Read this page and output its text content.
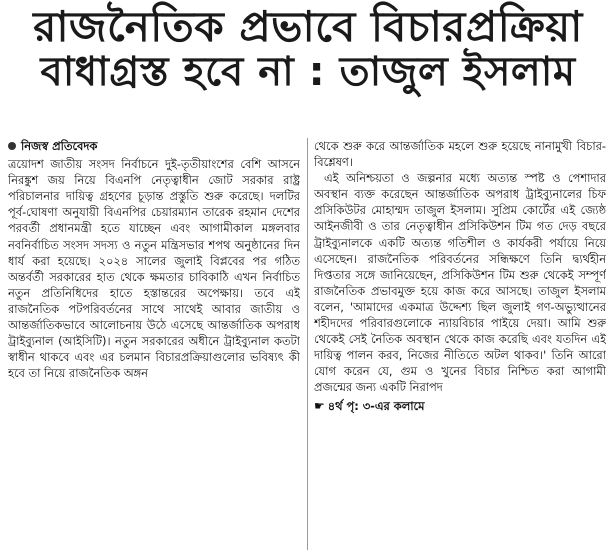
রাজনৈতিক প্রভাবে বিচারপ্রক্রিয়া
বাধাগ্রস্ত হবে না : তাজুল ইসলাম
নিজস্ব প্রতিবেদক

ত্রয়োদশ জাতীয় সংসদ নির্বাচনে দুই-তৃতীয়াংশের বেশি আসনে নিরঙ্কুশ জয় নিয়ে বিএনপি নেতৃত্বাধীন জোট সরকার রাষ্ট্র পরিচালনার দায়িত্ব গ্রহণের চূড়ান্ত প্রস্তুতি শুরু করেছে। দলটির পূর্ব-ঘোষণা অনুযায়ী বিএনপির চেয়ারম্যান তারেক রহমান দেশের পরবর্তী প্রধানমন্ত্রী হতে যাচ্ছেন এবং আগামীকাল মঙ্গলবার নবনির্বাচিত সংসদ সদস্য ও নতুন মন্ত্রিসভার শপথ অনুষ্ঠানের দিন ধার্য করা হয়েছে। ২০২৪ সালের জুলাই বিপ্লবের পর গঠিত অন্তর্বর্তী সরকারের হাত থেকে ক্ষমতার চাবিকাঠি এখন নির্বাচিত নতুন প্রতিনিধিদের হাতে হস্তান্তরের অপেক্ষায়। তবে এই রাজনৈতিক পটপরিবর্তনের সাথে সাথেই আবার জাতীয় ও আন্তর্জাতিকভাবে আলোচনায় উঠে এসেছে আন্তর্জাতিক অপরাধ ট্রাইব্যুনাল (আইসিটি)। নতুন সরকারের অধীনে ট্রাইব্যুনাল কতটা স্বাধীন থাকবে এবং এর চলমান বিচারপ্রক্রিয়াগুলোর ভবিষ্যৎ কী হবে তা নিয়ে রাজনৈতিক অঙ্গন

থেকে শুরু করে আন্তর্জাতিক মহলে শুরু হয়েছে নানামুখী বিচার-বিশ্লেষণ।

এই অনিশ্চয়তা ও জল্পনার মধ্যে অত্যন্ত স্পষ্ট ও পেশাদার অবস্থান ব্যক্ত করেছেন আন্তর্জাতিক অপরাধ ট্রাইব্যুনালের চিফ প্রসিকিউটর মোহাম্মদ তাজুল ইসলাম। সুপ্রিম কোর্টের এই জ্যেষ্ঠ আইনজীবী ও তার নেতৃত্বাধীন প্রসিকিউশন টিম গত দেড় বছরে ট্রাইব্যুনালকে একটি অত্যন্ত গতিশীল ও কার্যকরী পর্যায়ে নিয়ে এসেছেন। রাজনৈতিক পরিবর্তনের সন্ধিক্ষণে তিনি দ্ব্যর্থহীন দিপ্ততার সঙ্গে জানিয়েছেন, প্রসিকিউশন টিম শুরু থেকেই সম্পূর্ণ রাজনৈতিক প্রভাবমুক্ত হয়ে কাজ করে আসছে। তাজুল ইসলাম বলেন, 'আমাদের একমাত্র উদ্দেশ্য ছিল জুলাই গণ-অভ্যুত্থানের শহীদদের পরিবারগুলোকে ন্যায়বিচার পাইয়ে দেয়া। আমি শুরু থেকেই সেই নৈতিক অবস্থান থেকে কাজ করেছি এবং যতদিন এই দায়িত্ব পালন করব, নিজের নীতিতে অটল থাকব।' তিনি আরো যোগ করেন যে, গুম ও খুনের বিচার নিশ্চিত করা আগামী প্রজন্মের জন্য একটি নিরাপদ

☛ ৪র্থ পৃ: ৩-এর কলামে
